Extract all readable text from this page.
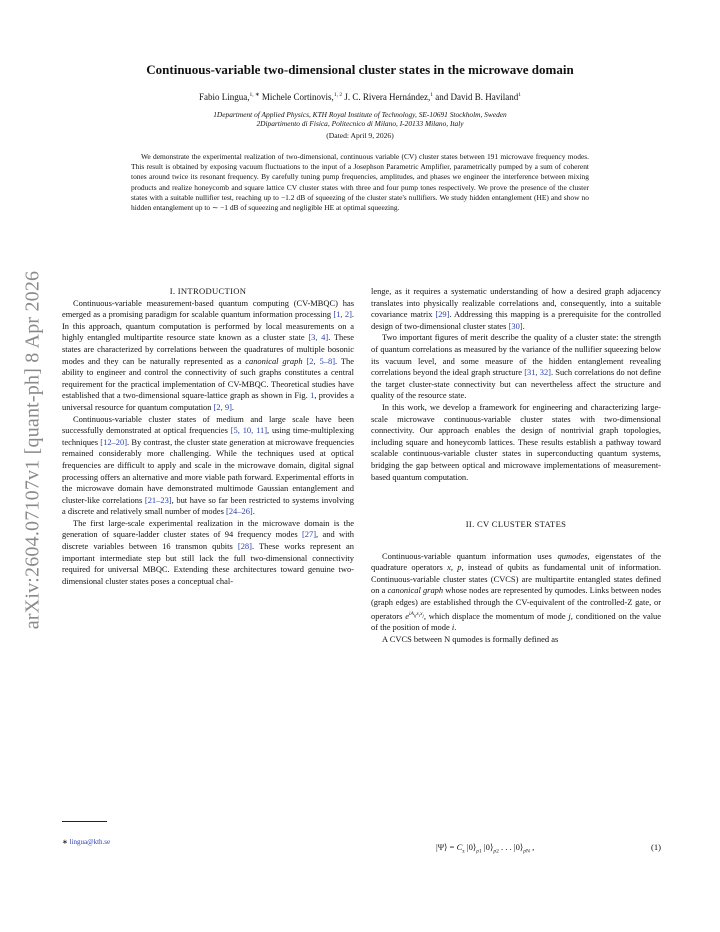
arXiv:2604.07107v1 [quant-ph] 8 Apr 2026
Continuous-variable two-dimensional cluster states in the microwave domain
Fabio Lingua,$^{1, ∗}$ Michele Cortinovis,$^{1, 2}$ J. C. Rivera Hernández,$^1$ and David B. Haviland$^1$
1Department of Applied Physics, KTH Royal Institute of Technology, SE-10691 Stockholm, Sweden
2Dipartimento di Fisica, Politecnico di Milano, I-20133 Milano, Italy
(Dated: April 9, 2026)
We demonstrate the experimental realization of two-dimensional, continuous variable (CV) cluster states between 191 microwave frequency modes. This result is obtained by exposing vacuum fluctuations to the input of a Josephson Parametric Amplifier, parametrically pumped by a sum of coherent tones around twice its resonant frequency. By carefully tuning pump frequencies, amplitudes, and phases we engineer the interference between mixing products and realize honeycomb and square lattice CV cluster states with three and four pump tones respectively. We prove the presence of the cluster states with a suitable nullifier test, reaching up to −1.2 dB of squeezing of the cluster state's nullifiers. We study hidden entanglement (HE) and show no hidden entanglement up to ∼ −1 dB of squeezing and negligible HE at optimal squeezing.

I. INTRODUCTION

Continuous-variable measurement-based quantum computing (CV-MBQC) has emerged as a promising paradigm for scalable quantum information processing [1, 2]. In this approach, quantum computation is performed by local measurements on a highly entangled multipartite resource state known as a cluster state [3, 4]. These states are characterized by correlations between the quadratures of multiple bosonic modes and they can be naturally represented as a canonical graph [2, 5–8]. The ability to engineer and control the connectivity of such graphs constitutes a central requirement for the practical implementation of CV-MBQC. Theoretical studies have established that a two-dimensional square-lattice graph as shown in Fig. 1, provides a universal resource for quantum computation [2, 9].

Continuous-variable cluster states of medium and large scale have been successfully demonstrated at optical frequencies [5, 10, 11], using time-multiplexing techniques [12–20]. By contrast, the cluster state generation at microwave frequencies remained considerably more challenging. While the techniques used at optical frequencies are difficult to apply and scale in the microwave domain, digital signal processing offers an alternative and more viable path forward. Experimental efforts in the microwave domain have demonstrated multimode Gaussian entanglement and cluster-like correlations [21–23], but have so far been restricted to systems involving a discrete and relatively small number of modes [24–26].

The first large-scale experimental realization in the microwave domain is the generation of square-ladder cluster states of 94 frequency modes [27], and with discrete variables between 16 transmon qubits [28]. These works represent an important intermediate step but still lack the full two-dimensional connectivity required for universal MBQC. Extending these architectures toward genuine two-dimensional cluster states poses a conceptual chal-

lenge, as it requires a systematic understanding of how a desired graph adjacency translates into physically realizable correlations and, consequently, into a suitable covariance matrix [29]. Addressing this mapping is a prerequisite for the controlled design of two-dimensional cluster states [30].

Two important figures of merit describe the quality of a cluster state: the strength of quantum correlations as measured by the variance of the nullifier squeezing below its vacuum level, and some measure of the hidden entanglement revealing correlations beyond the ideal graph structure [31, 32]. Such correlations do not define the target cluster-state connectivity but can nevertheless affect the structure and quality of the resource state.

In this work, we develop a framework for engineering and characterizing large-scale microwave continuous-variable cluster states with two-dimensional connectivity. Our approach enables the design of nontrivial graph topologies, including square and honeycomb lattices. These results establish a pathway toward scalable continuous-variable cluster states in superconducting quantum systems, bridging the gap between optical and microwave implementations of measurement-based quantum computation.

II. CV CLUSTER STATES

Continuous-variable quantum information uses qumodes, eigenstates of the quadrature operators x, p, instead of qubits as fundamental unit of information. Continuous-variable cluster states (CVCS) are multipartite entangled states defined on a canonical graph whose nodes are represented by qumodes. Links between nodes (graph edges) are established through the CV-equivalent of the controlled-Z gate, or operators $e^{iA_{ij}x_ix_j}$, which displace the momentum of mode j, conditioned on the value of the position of mode i.

A CVCS between N qumodes is formally defined as

∗ lingua@kth.se	|Ψ⟩ = $C_z$ $|0⟩_{p1}$ $|0⟩_{p2}$ . . . $|0⟩_{pN}$ ,	(1)
